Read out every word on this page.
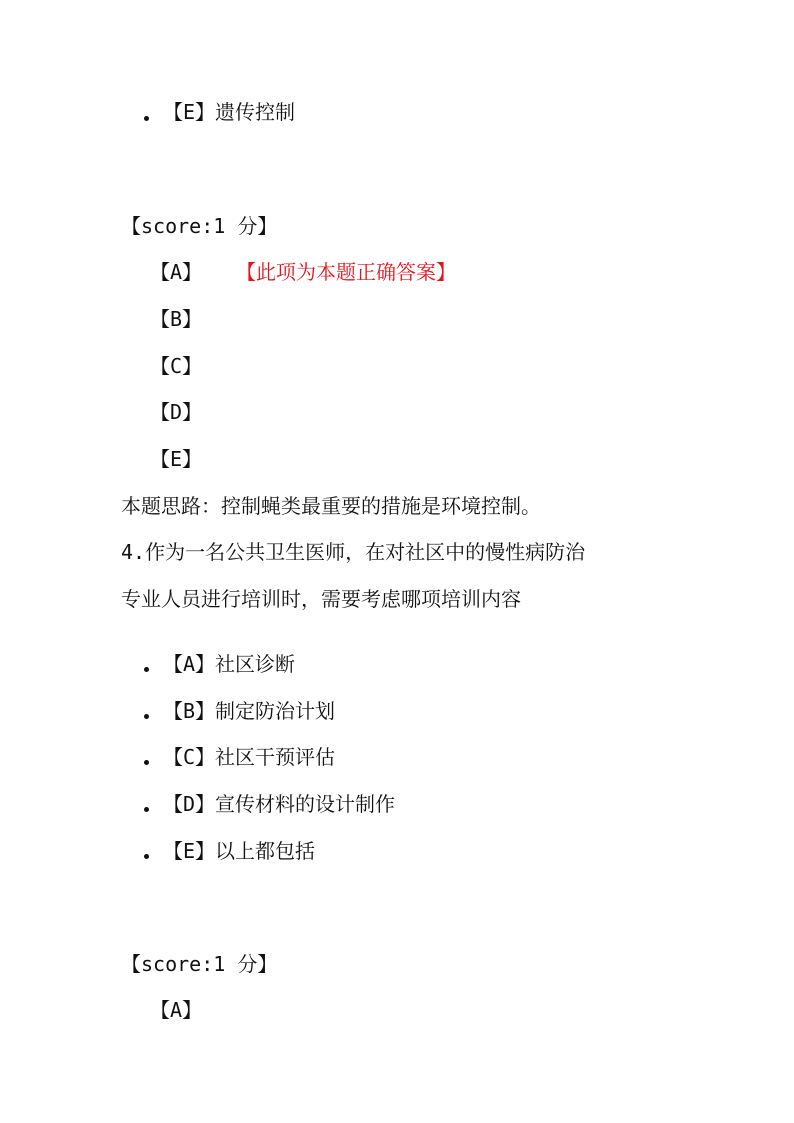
【E】遗传控制
【score:1 分】
【A】 【此项为本题正确答案】
【B】
【C】
【D】
【E】
本题思路：控制蝇类最重要的措施是环境控制。
4.作为一名公共卫生医师，在对社区中的慢性病防治
专业人员进行培训时，需要考虑哪项培训内容
【A】社区诊断
【B】制定防治计划
【C】社区干预评估
【D】宣传材料的设计制作
【E】以上都包括
【score:1 分】
【A】
